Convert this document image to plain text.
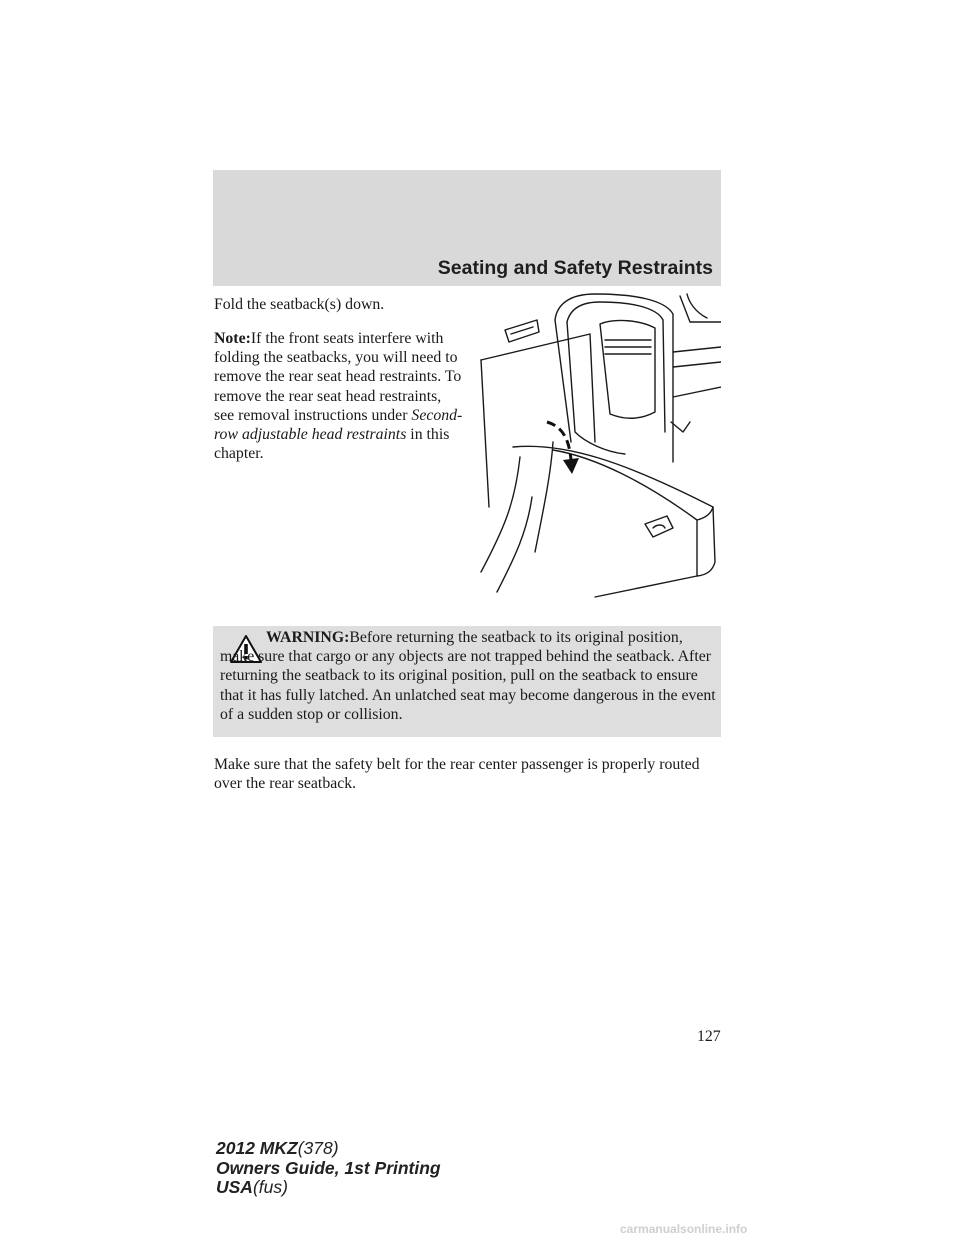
Seating and Safety Restraints

Fold the seatback(s) down.

Note:If the front seats interfere with folding the seatbacks, you will need to remove the rear seat head restraints. To remove the rear seat head restraints, see removal instructions under Second-row adjustable head restraints in this chapter.

WARNING:Before returning the seatback to its original position, make sure that cargo or any objects are not trapped behind the seatback. After returning the seatback to its original position, pull on the seatback to ensure that it has fully latched. An unlatched seat may become dangerous in the event of a sudden stop or collision.

Make sure that the safety belt for the rear center passenger is properly routed over the rear seatback.

127
2012 MKZ(378)
Owners Guide, 1st Printing
USA(fus)
carmanualsonline.info
